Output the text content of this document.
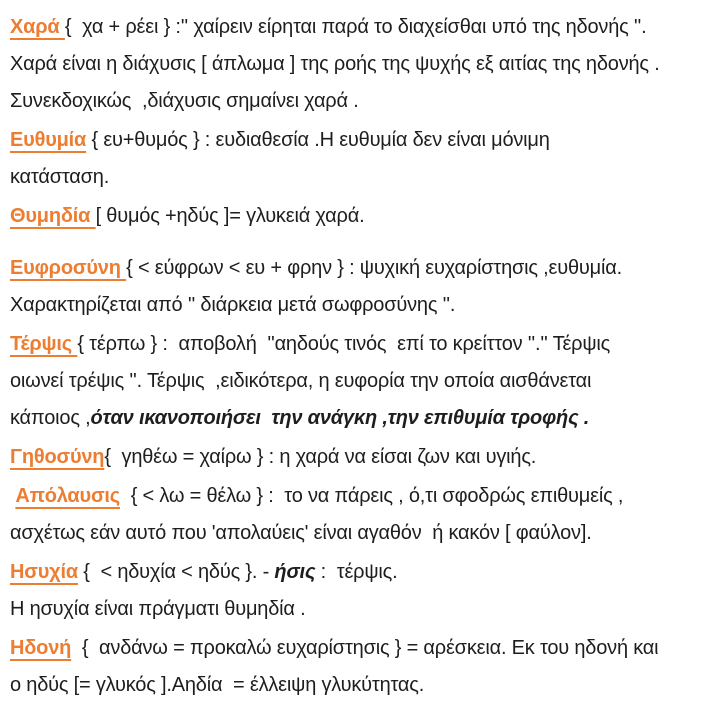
Χαρά {  χα + ρέει } :'' χαίρειν είρηται παρά το διαχείσθαι υπό της ηδονής ''.
Χαρά είναι η διάχυσις [ άπλωμα ] της ροής της ψυχής εξ αιτίας της ηδονής .
Συνεκδοχικώς  ,διάχυσις σημαίνει χαρά .
Ευθυμία { ευ+θυμός } : ευδιαθεσία .Η ευθυμία δεν είναι μόνιμη
κατάσταση.
Θυμηδία [ θυμός +ηδύς ]= γλυκειά χαρά.
Ευφροσύνη { < εύφρων < ευ + φρην } : ψυχική ευχαρίστησις ,ευθυμία.
Χαρακτηρίζεται από '' διάρκεια μετά σωφροσύνης ''.
Τέρψις { τέρπω } :  αποβολή  ''αηδούς τινός  επί το κρείττον ''.'' Τέρψις
οιωνεί τρέψις ''. Τέρψις  ,ειδικότερα, η ευφορία την οποία αισθάνεται
κάποιος ,όταν ικανοποιήσει  την ανάγκη ,την επιθυμία τροφής .
Γηθοσύνη{  γηθέω = χαίρω } : η χαρά να είσαι ζων και υγιής.
Απόλαυσις  { < λω = θέλω } :  το να πάρεις , ό,τι σφοδρώς επιθυμείς ,
ασχέτως εάν αυτό που 'απολαύεις' είναι αγαθόν  ή κακόν [ φαύλον].
Ησυχία {  < ηδυχία < ηδύς }. - ήσις :  τέρψις.
Η ησυχία είναι πράγματι θυμηδία .
Ηδονή  {  ανδάνω = προκαλώ ευχαρίστησις } = αρέσκεια. Εκ του ηδονή και
ο ηδύς [= γλυκός ].Αηδία  = έλλειψη γλυκύτητας.
